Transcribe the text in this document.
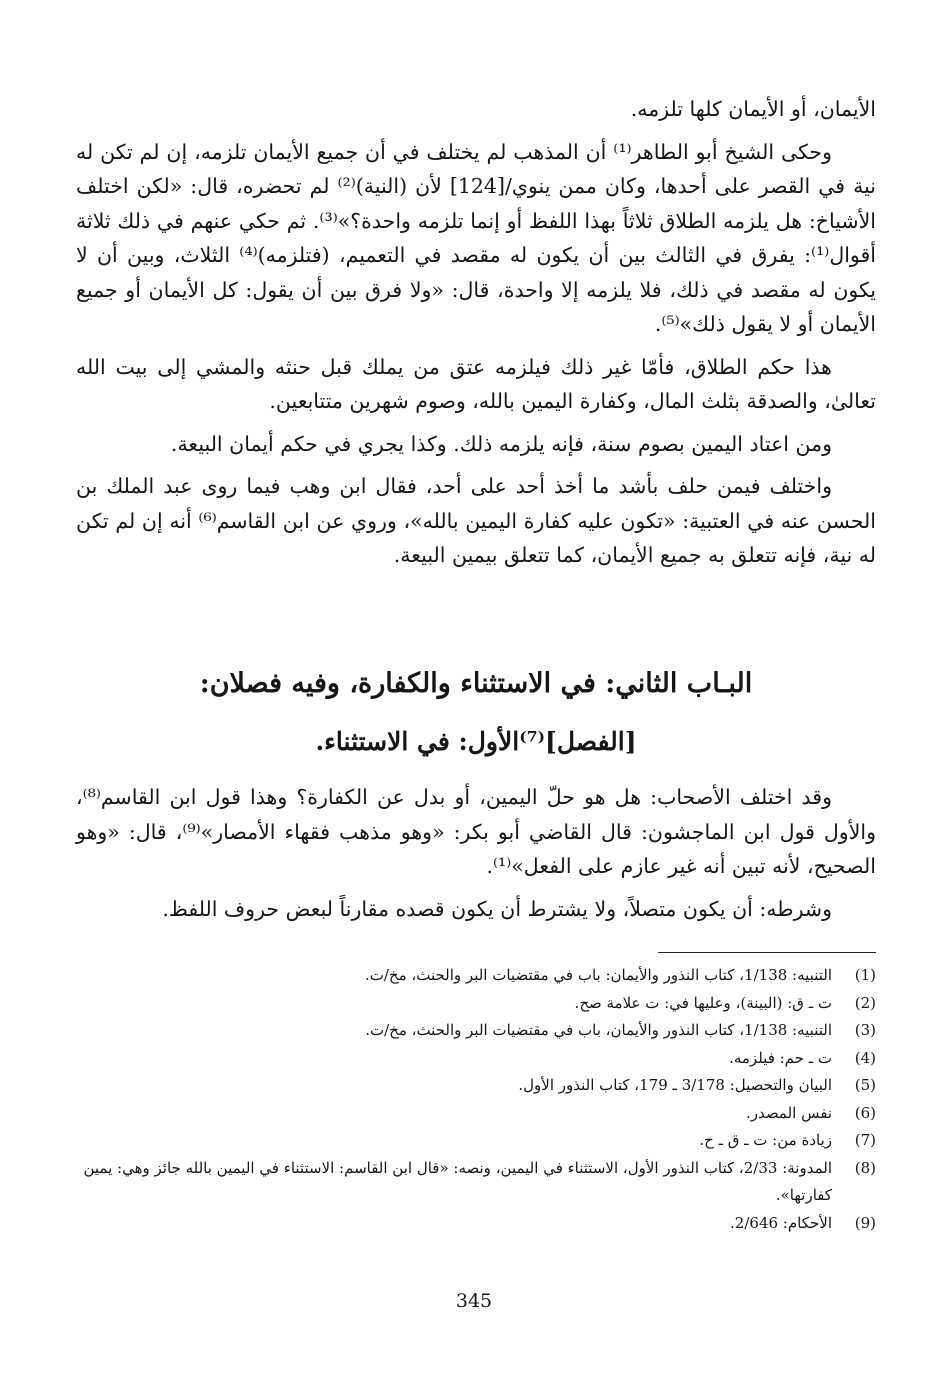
الأيمان، أو الأيمان كلها تلزمه.

وحكى الشيخ أبو الطاهر⁽¹⁾ أن المذهب لم يختلف في أن جميع الأيمان تلزمه، إن لم تكن له نية في القصر على أحدها، وكان ممن ينوي/[124] لأن (النية)⁽²⁾ لم تحضره، قال: «لكن اختلف الأشياخ: هل يلزمه الطلاق ثلاثاً بهذا اللفظ أو إنما تلزمه واحدة؟»⁽³⁾. ثم حكي عنهم في ذلك ثلاثة أقوال⁽¹⁾: يفرق في الثالث بين أن يكون له مقصد في التعميم، (فتلزمه)⁽⁴⁾ الثلاث، وبين أن لا يكون له مقصد في ذلك، فلا يلزمه إلا واحدة، قال: «ولا فرق بين أن يقول: كل الأيمان أو جميع الأيمان أو لا يقول ذلك»⁽⁵⁾.

هذا حكم الطلاق، فأمّا غير ذلك فيلزمه عتق من يملك قبل حنثه والمشي إلى بيت الله تعالىٰ، والصدقة بثلث المال، وكفارة اليمين بالله، وصوم شهرين متتابعين.

ومن اعتاد اليمين بصوم سنة، فإنه يلزمه ذلك. وكذا يجري في حكم أيمان البيعة.

واختلف فيمن حلف بأشد ما أخذ أحد على أحد، فقال ابن وهب فيما روى عبد الملك بن الحسن عنه في العتبية: «تكون عليه كفارة اليمين بالله»، وروي عن ابن القاسم⁽⁶⁾ أنه إن لم تكن له نية، فإنه تتعلق به جميع الأيمان، كما تتعلق بيمين البيعة.

البـاب الثاني: في الاستثناء والكفارة، وفيه فصلان:
[الفصل]⁽⁷⁾الأول: في الاستثناء.

وقد اختلف الأصحاب: هل هو حلّ اليمين، أو بدل عن الكفارة؟ وهذا قول ابن القاسم⁽⁸⁾، والأول قول ابن الماجشون: قال القاضي أبو بكر: «وهو مذهب فقهاء الأمصار»⁽⁹⁾، قال: «وهو الصحيح، لأنه تبين أنه غير عازم على الفعل»⁽¹⁾.

وشرطه: أن يكون متصلاً، ولا يشترط أن يكون قصده مقارناً لبعض حروف اللفظ.

(1)
التنبيه: 1/138، كتاب النذور والأيمان: باب في مقتضيات البر والحنث، مخ/ت.
(2)
ت ـ ق: (البينة)، وعليها في: ت علامة صح.
(3)
التنبيه: 1/138، كتاب النذور والأيمان، باب في مقتضيات البر والحنث، مخ/ت.
(4)
ت ـ حم: فيلزمه.
(5)
البيان والتحصيل: 3/178 ـ 179، كتاب النذور الأول.
(6)
نفس المصدر.
(7)
زيادة من: ت ـ ق ـ ح.
(8)
المدونة: 2/33، كتاب النذور الأول، الاستثناء في اليمين، ونصه: «قال ابن القاسم: الاستثناء في اليمين بالله جائز وهي: يمين كفارتها».
(9)
الأحكام: 2/646.
345
